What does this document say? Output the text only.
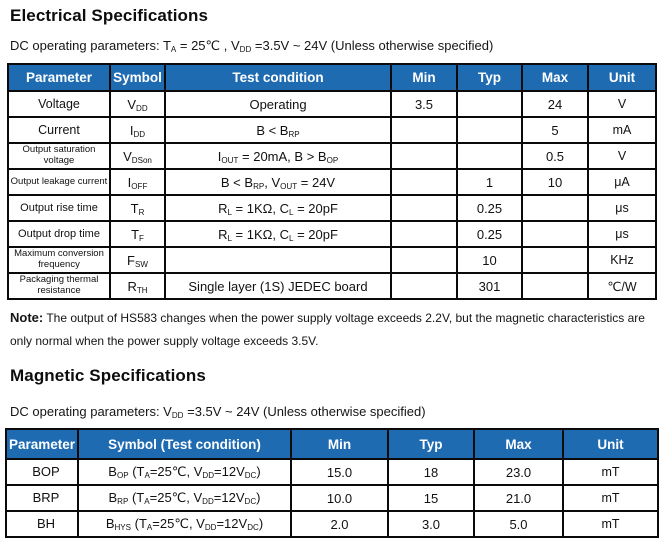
Electrical Specifications

DC operating parameters: $T_A$ = 25℃ , $V_{DD} =3.5V$ ~ 24V (Unless otherwise specified)

Parameter	Symbol	Test condition	Min	Typ	Max	Unit
Voltage	$V_{DD}$	Operating	3.5		24	V
Current	$I_{DD}$	$B < B_{RP}$			5	mA
Output saturation voltage	$V_{DSon}$	$I_{OUT} = 20mA$, $B > B_{OP}$			0.5	V
Output leakage current	$I_{OFF}$	$B < B_{RP}$, $V_{OUT} = 24V$		1	10	μA
Output rise time	$T_R$	$R_L = 1K\Omega$, $C_L = 20pF$		0.25		μs
Output drop time	$T_F$	$R_L = 1K\Omega$, $C_L = 20pF$		0.25		μs
Maximum conversion frequency	$F_{SW}$			10		KHz
Packaging thermal resistance	$R_{TH}$	Single layer (1S) JEDEC board		301		℃/W

Note: The output of HS583 changes when the power supply voltage exceeds 2.2V, but the magnetic characteristics are only normal when the power supply voltage exceeds 3.5V.

Magnetic Specifications

DC operating parameters: $V_{DD} =3.5V$ ~ 24V (Unless otherwise specified)

Parameter	Symbol (Test condition)	Min	Typ	Max	Unit
BOP	$B_{OP}$ ($T_A=25℃$, $V_{DD}=12V_{DC}$)	15.0	18	23.0	mT
BRP	$B_{RP}$ ($T_A=25℃$, $V_{DD}=12V_{DC}$)	10.0	15	21.0	mT
BH	$B_{HYS}$ ($T_A=25℃$, $V_{DD}=12V_{DC}$)	2.0	3.0	5.0	mT
